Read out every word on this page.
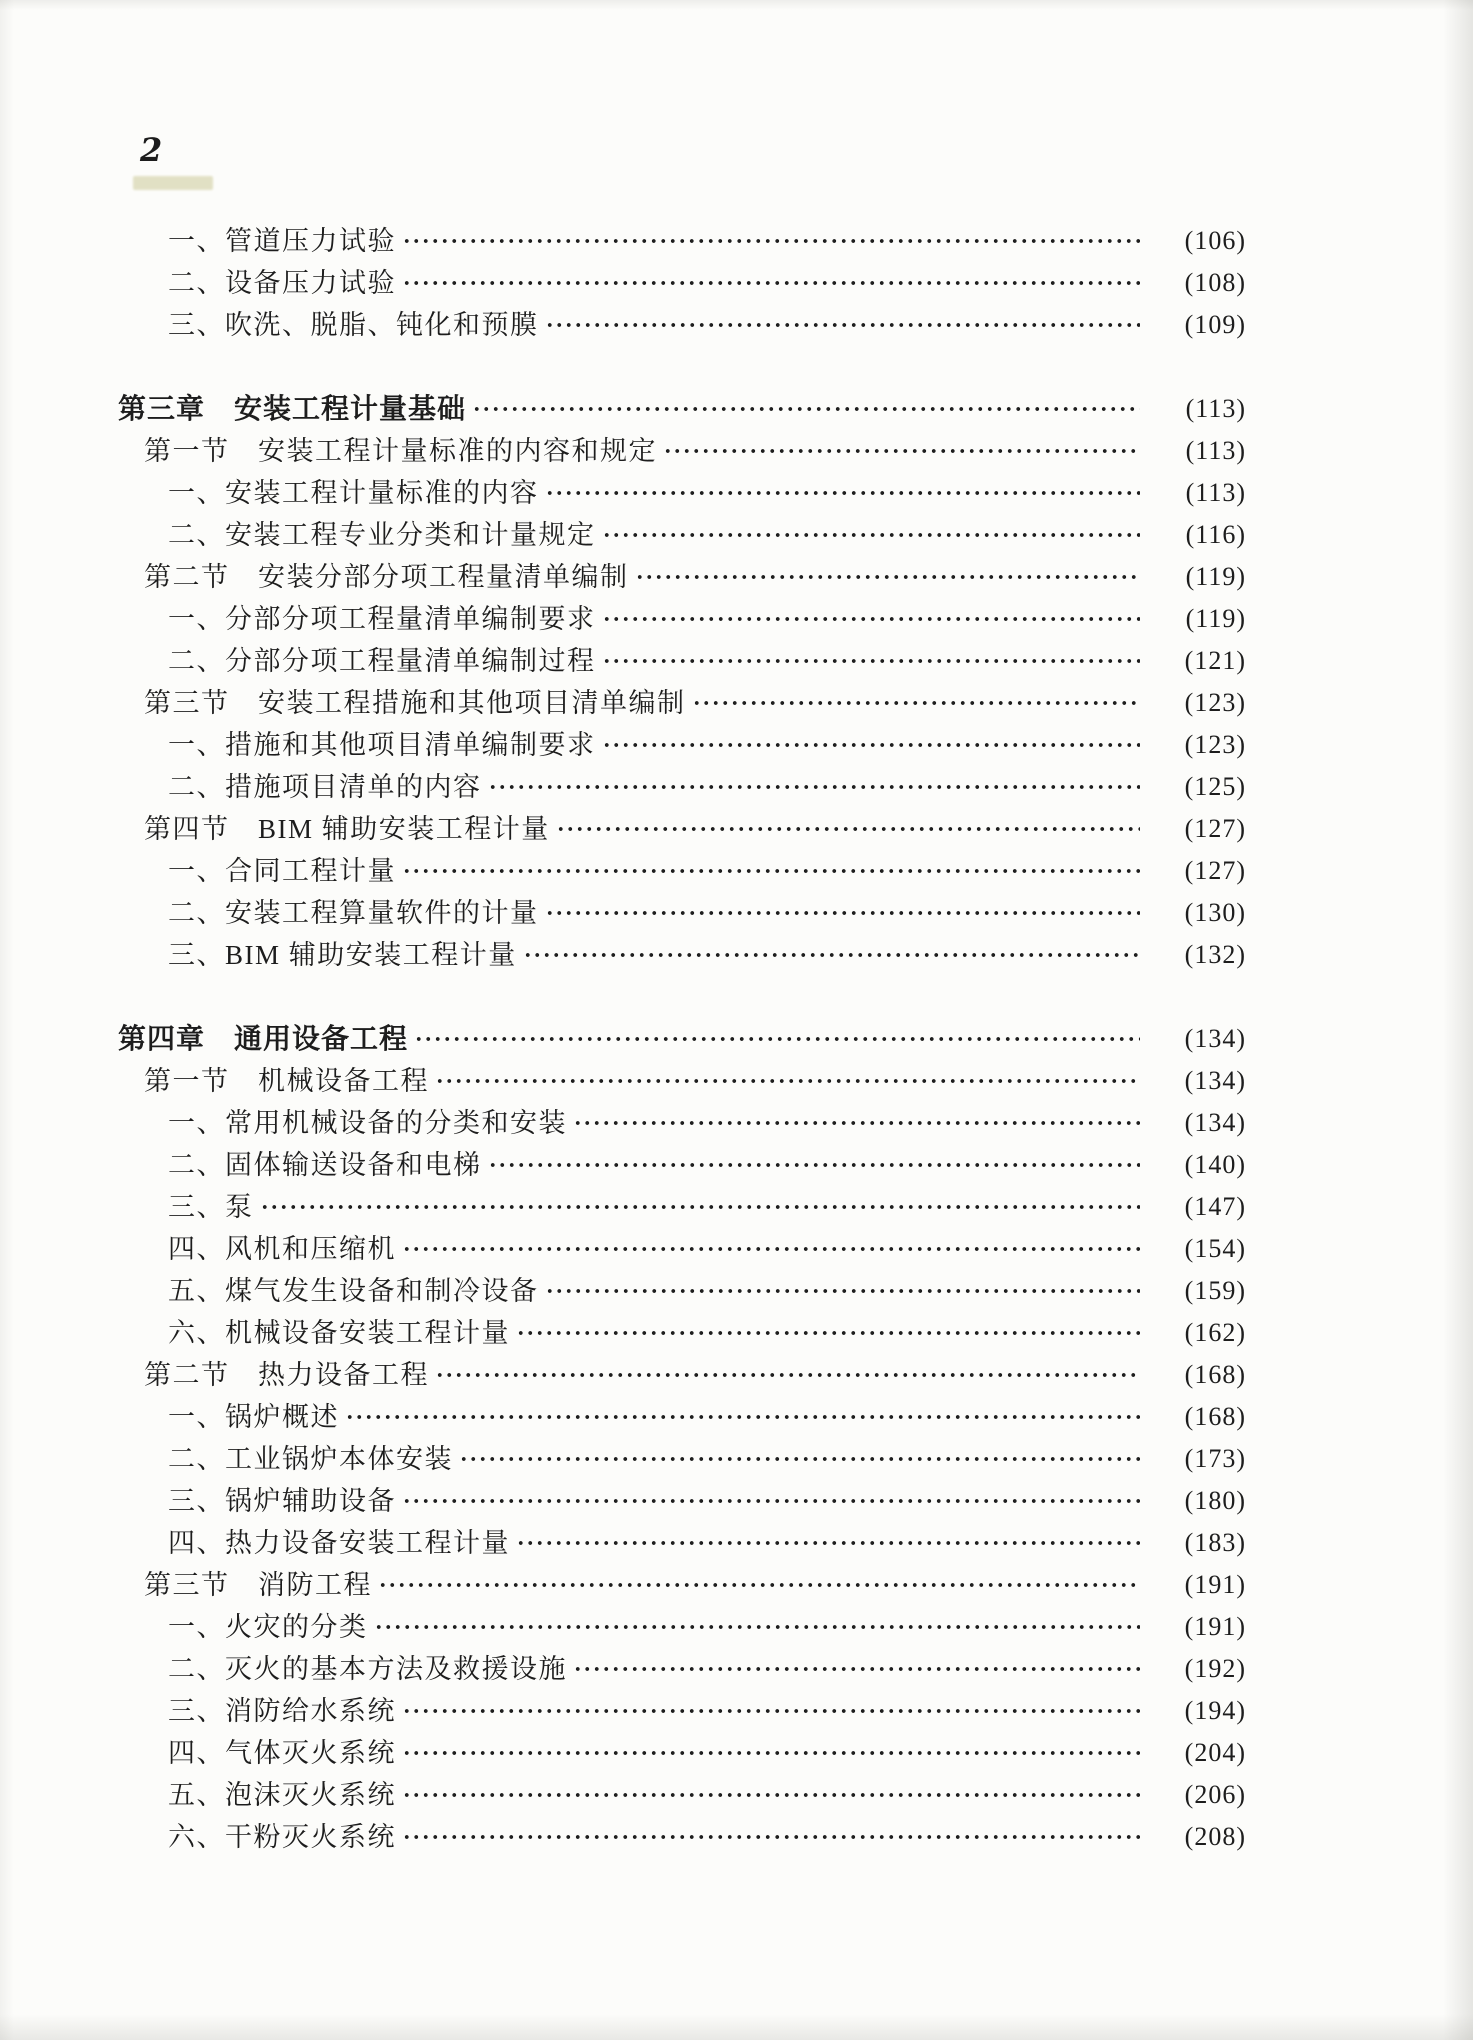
2
一、管道压力试验	(106)
二、设备压力试验	(108)
三、吹洗、脱脂、钝化和预膜	(109)
第三章　安装工程计量基础	(113)
第一节　安装工程计量标准的内容和规定	(113)
一、安装工程计量标准的内容	(113)
二、安装工程专业分类和计量规定	(116)
第二节　安装分部分项工程量清单编制	(119)
一、分部分项工程量清单编制要求	(119)
二、分部分项工程量清单编制过程	(121)
第三节　安装工程措施和其他项目清单编制	(123)
一、措施和其他项目清单编制要求	(123)
二、措施项目清单的内容	(125)
第四节　BIM 辅助安装工程计量	(127)
一、合同工程计量	(127)
二、安装工程算量软件的计量	(130)
三、BIM 辅助安装工程计量	(132)
第四章　通用设备工程	(134)
第一节　机械设备工程	(134)
一、常用机械设备的分类和安装	(134)
二、固体输送设备和电梯	(140)
三、泵	(147)
四、风机和压缩机	(154)
五、煤气发生设备和制冷设备	(159)
六、机械设备安装工程计量	(162)
第二节　热力设备工程	(168)
一、锅炉概述	(168)
二、工业锅炉本体安装	(173)
三、锅炉辅助设备	(180)
四、热力设备安装工程计量	(183)
第三节　消防工程	(191)
一、火灾的分类	(191)
二、灭火的基本方法及救援设施	(192)
三、消防给水系统	(194)
四、气体灭火系统	(204)
五、泡沫灭火系统	(206)
六、干粉灭火系统	(208)
